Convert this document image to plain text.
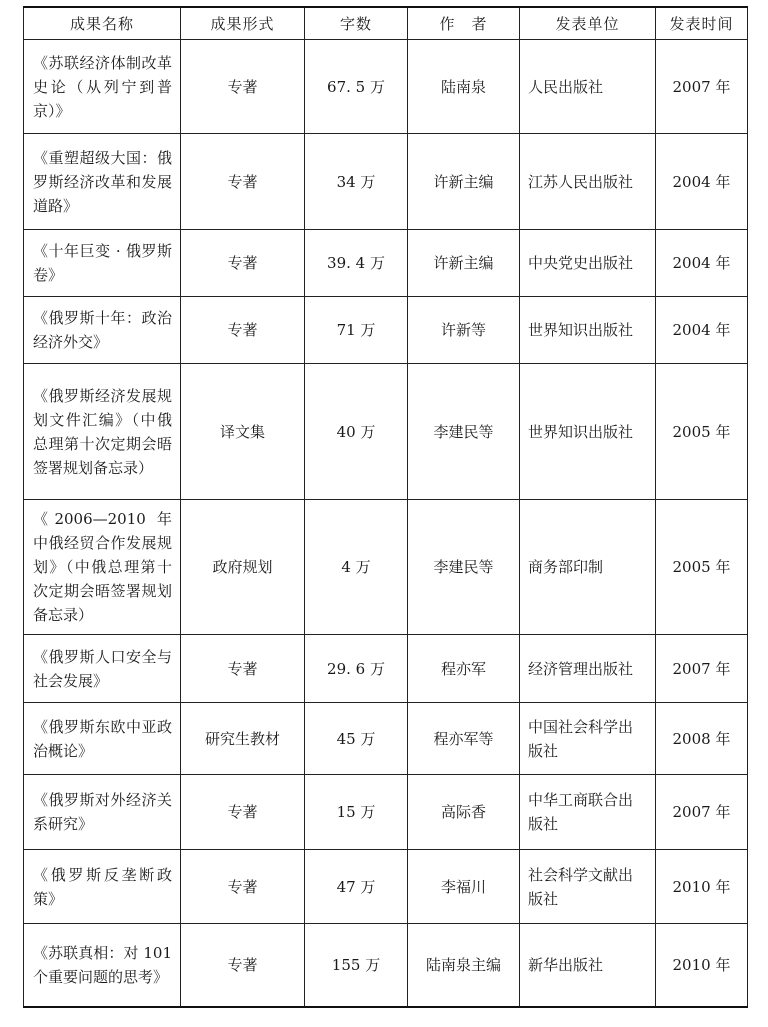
成果名称	成果形式	字数	作　者	发表单位	发表时间
《苏联经济体制改革史论（从列宁到普京）》	专著	67. 5 万	陆南泉	人民出版社	2007 年
《重塑超级大国：俄罗斯经济改革和发展道路》	专著	34 万	许新主编	江苏人民出版社	2004 年
《十年巨变 · 俄罗斯卷》	专著	39. 4 万	许新主编	中央党史出版社	2004 年
《俄罗斯十年：政治经济外交》	专著	71 万	许新等	世界知识出版社	2004 年
《俄罗斯经济发展规划文件汇编》（中俄总理第十次定期会晤签署规划备忘录）	译文集	40 万	李建民等	世界知识出版社	2005 年
《2006—2010 年中俄经贸合作发展规划》（中俄总理第十次定期会晤签署规划备忘录）	政府规划	4 万	李建民等	商务部印制	2005 年
《俄罗斯人口安全与社会发展》	专著	29. 6 万	程亦军	经济管理出版社	2007 年
《俄罗斯东欧中亚政治概论》	研究生教材	45 万	程亦军等	中国社会科学出版社	2008 年
《俄罗斯对外经济关系研究》	专著	15 万	高际香	中华工商联合出版社	2007 年
《俄罗斯反垄断政策》	专著	47 万	李福川	社会科学文献出版社	2010 年
《苏联真相：对 101 个重要问题的思考》	专著	155 万	陆南泉主编	新华出版社	2010 年
